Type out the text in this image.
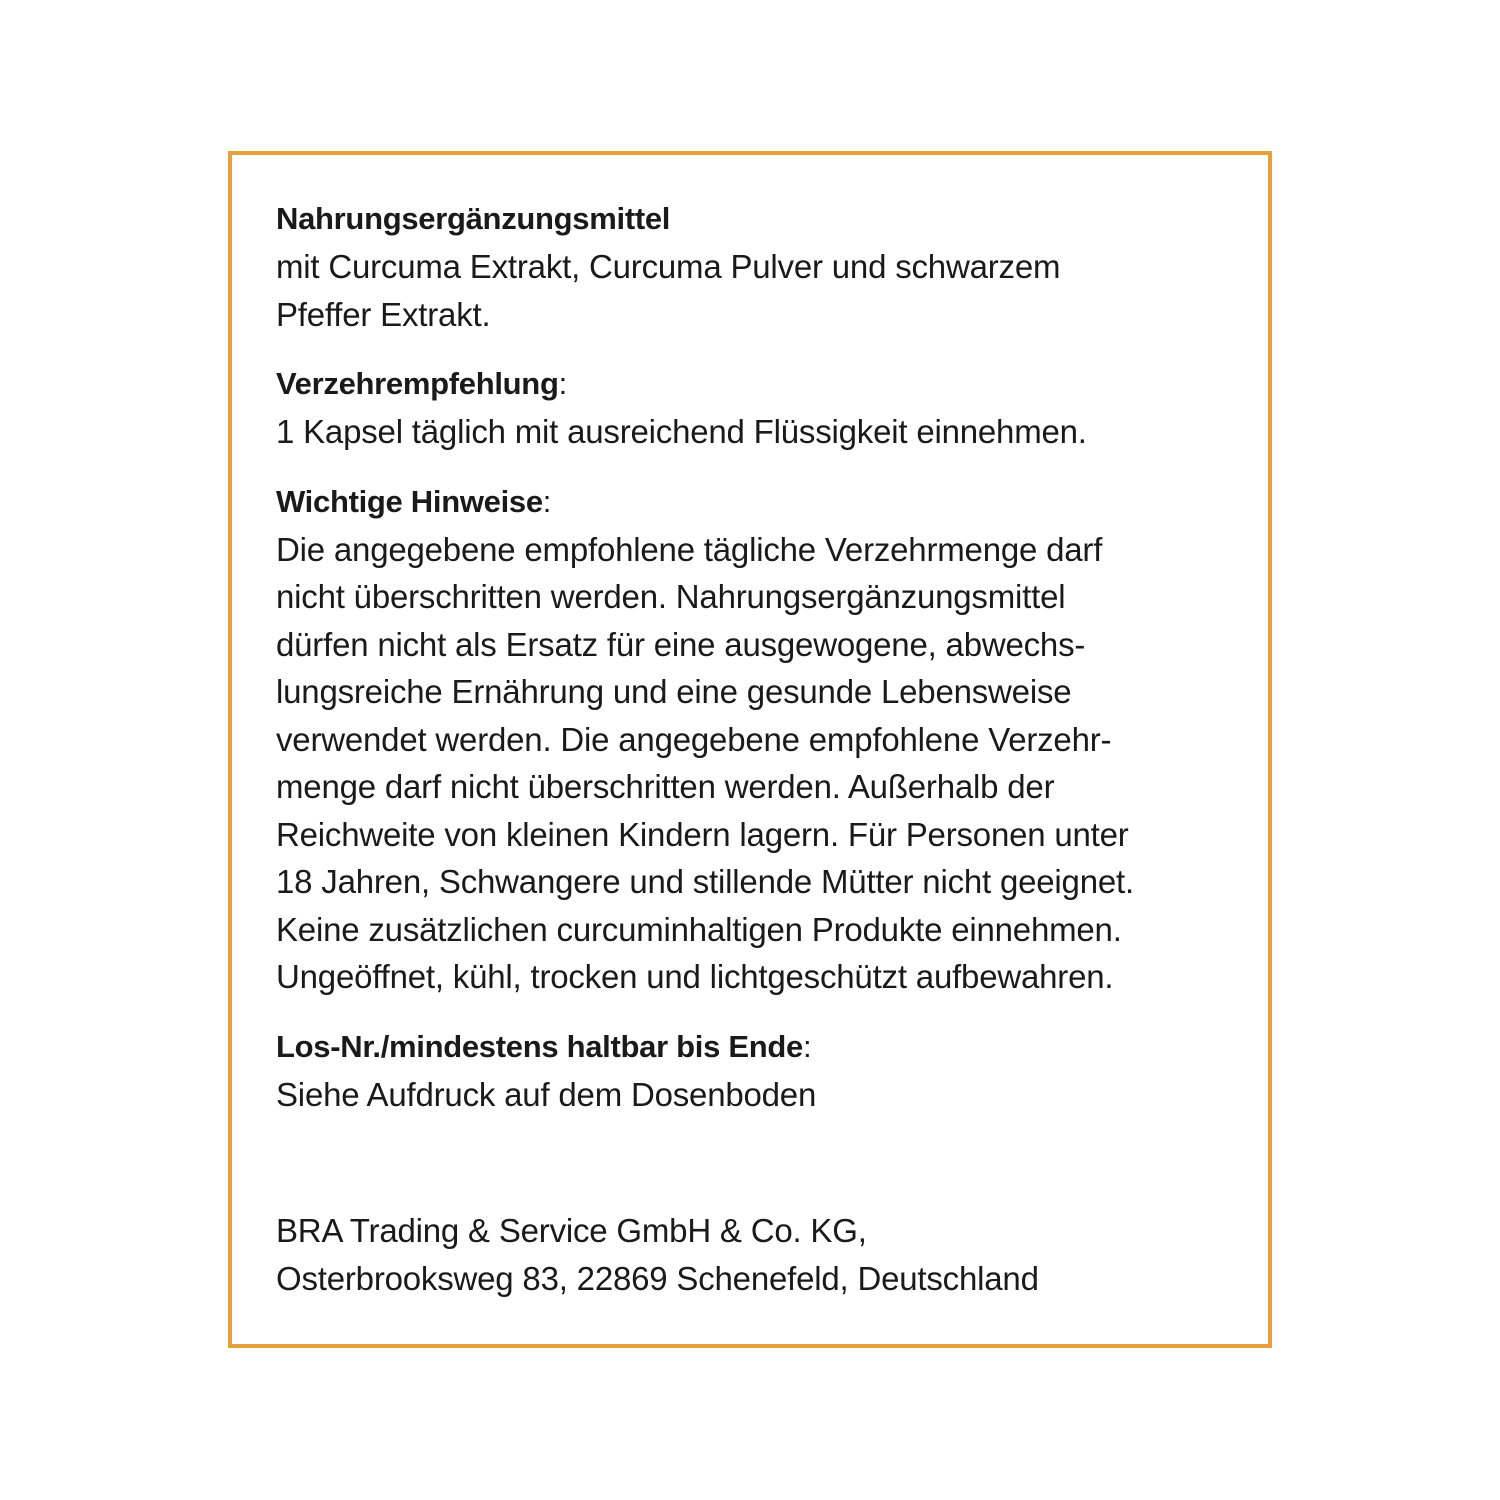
Nahrungsergänzungsmittel
mit Curcuma Extrakt, Curcuma Pulver und schwarzem
Pfeffer Extrakt.
Verzehrempfehlung:
1 Kapsel täglich mit ausreichend Flüssigkeit einnehmen.
Wichtige Hinweise:
Die angegebene empfohlene tägliche Verzehrmenge darf
nicht überschritten werden. Nahrungsergänzungsmittel
dürfen nicht als Ersatz für eine ausgewogene, abwechs-
lungsreiche Ernährung und eine gesunde Lebensweise
verwendet werden. Die angegebene empfohlene Verzehr-
menge darf nicht überschritten werden. Außerhalb der
Reichweite von kleinen Kindern lagern. Für Personen unter
18 Jahren, Schwangere und stillende Mütter nicht geeignet.
Keine zusätzlichen curcuminhaltigen Produkte einnehmen.
Ungeöffnet, kühl, trocken und lichtgeschützt aufbewahren.
Los-Nr./mindestens haltbar bis Ende:
Siehe Aufdruck auf dem Dosenboden
BRA Trading & Service GmbH & Co. KG,
Osterbrooksweg 83, 22869 Schenefeld, Deutschland
